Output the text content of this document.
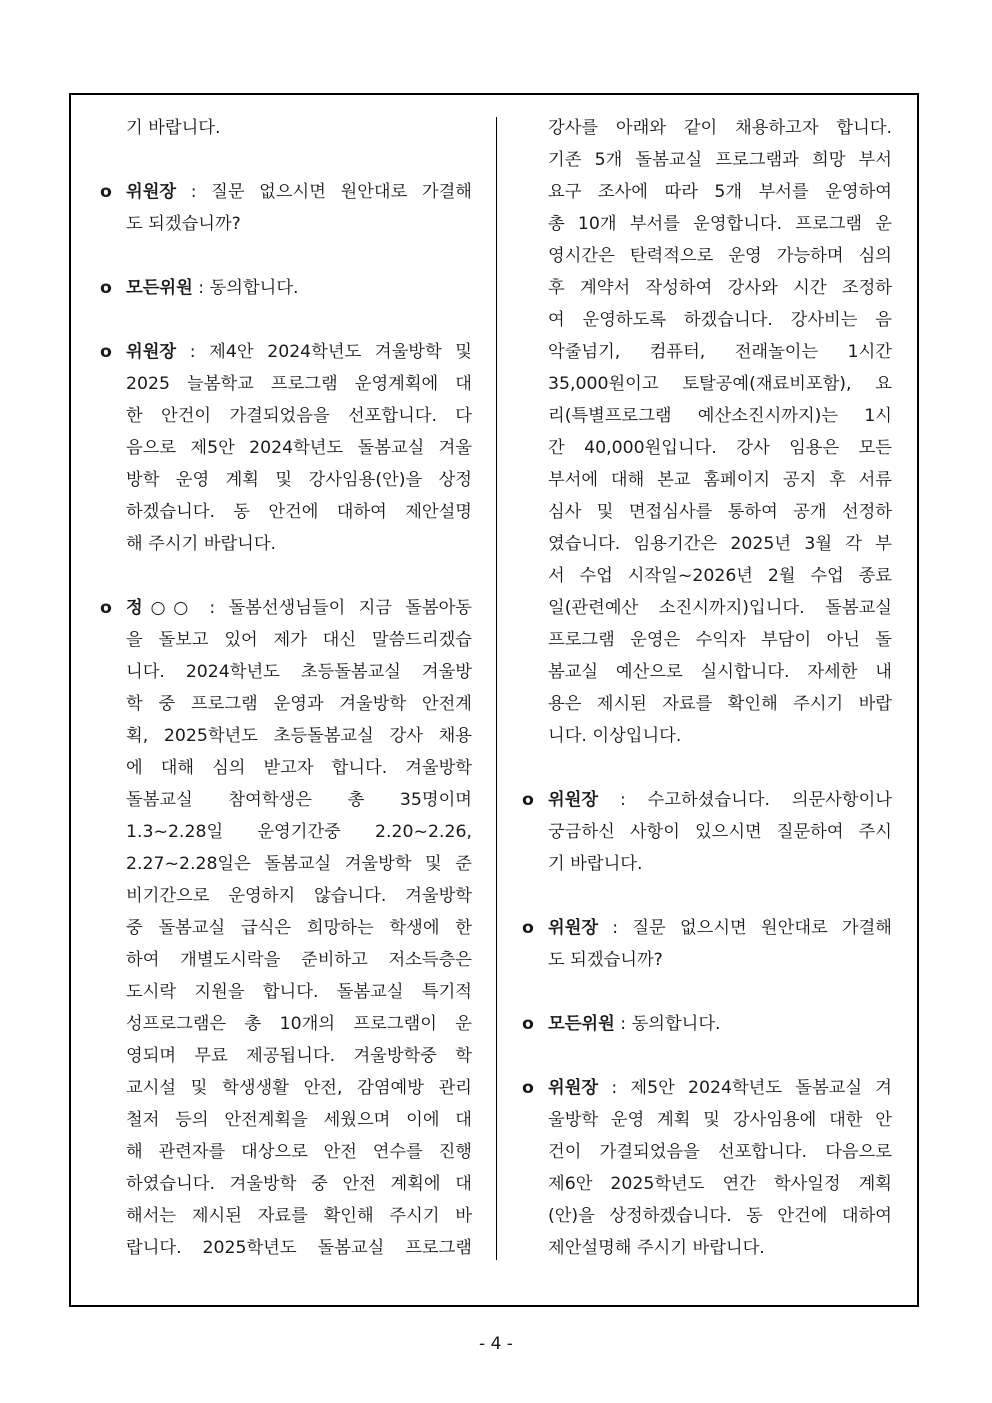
기 바랍니다.
o 위원장 : 질문 없으시면 원안대로 가결해
도 되겠습니까?
o 모든위원 : 동의합니다.
o 위원장 : 제4안 2024학년도 겨울방학 및
2025 늘봄학교 프로그램 운영계획에 대
한 안건이 가결되었음을 선포합니다. 다
음으로 제5안 2024학년도 돌봄교실 겨울
방학 운영 계획 및 강사임용(안)을 상정
하겠습니다. 동 안건에 대하여 제안설명
해 주시기 바랍니다.
o 정○○ : 돌봄선생님들이 지금 돌봄아동
을 돌보고 있어 제가 대신 말씀드리겠습
니다. 2024학년도 초등돌봄교실 겨울방
학 중 프로그램 운영과 겨울방학 안전계
획, 2025학년도 초등돌봄교실 강사 채용
에 대해 심의 받고자 합니다. 겨울방학
돌봄교실 참여학생은 총 35명이며
1.3~2.28일 운영기간중 2.20~2.26,
2.27~2.28일은 돌봄교실 겨울방학 및 준
비기간으로 운영하지 않습니다. 겨울방학
중 돌봄교실 급식은 희망하는 학생에 한
하여 개별도시락을 준비하고 저소득층은
도시락 지원을 합니다. 돌봄교실 특기적
성프로그램은 총 10개의 프로그램이 운
영되며 무료 제공됩니다. 겨울방학중 학
교시설 및 학생생활 안전, 감염예방 관리
철저 등의 안전계획을 세웠으며 이에 대
해 관련자를 대상으로 안전 연수를 진행
하였습니다. 겨울방학 중 안전 계획에 대
해서는 제시된 자료를 확인해 주시기 바
랍니다. 2025학년도 돌봄교실 프로그램
강사를 아래와 같이 채용하고자 합니다.
기존 5개 돌봄교실 프로그램과 희망 부서
요구 조사에 따라 5개 부서를 운영하여
총 10개 부서를 운영합니다. 프로그램 운
영시간은 탄력적으로 운영 가능하며 심의
후 계약서 작성하여 강사와 시간 조정하
여 운영하도록 하겠습니다. 강사비는 음
악줄넘기, 컴퓨터, 전래놀이는 1시간
35,000원이고 토탈공예(재료비포함), 요
리(특별프로그램 예산소진시까지)는 1시
간 40,000원입니다. 강사 임용은 모든
부서에 대해 본교 홈페이지 공지 후 서류
심사 및 면접심사를 통하여 공개 선정하
였습니다. 임용기간은 2025년 3월 각 부
서 수업 시작일~2026년 2월 수업 종료
일(관련예산 소진시까지)입니다. 돌봄교실
프로그램 운영은 수익자 부담이 아닌 돌
봄교실 예산으로 실시합니다. 자세한 내
용은 제시된 자료를 확인해 주시기 바랍
니다. 이상입니다.
o 위원장 : 수고하셨습니다. 의문사항이나
궁금하신 사항이 있으시면 질문하여 주시
기 바랍니다.
o 위원장 : 질문 없으시면 원안대로 가결해
도 되겠습니까?
o 모든위원 : 동의합니다.
o 위원장 : 제5안 2024학년도 돌봄교실 겨
울방학 운영 계획 및 강사임용에 대한 안
건이 가결되었음을 선포합니다. 다음으로
제6안 2025학년도 연간 학사일정 계획
(안)을 상정하겠습니다. 동 안건에 대하여
제안설명해 주시기 바랍니다.
- 4 -
